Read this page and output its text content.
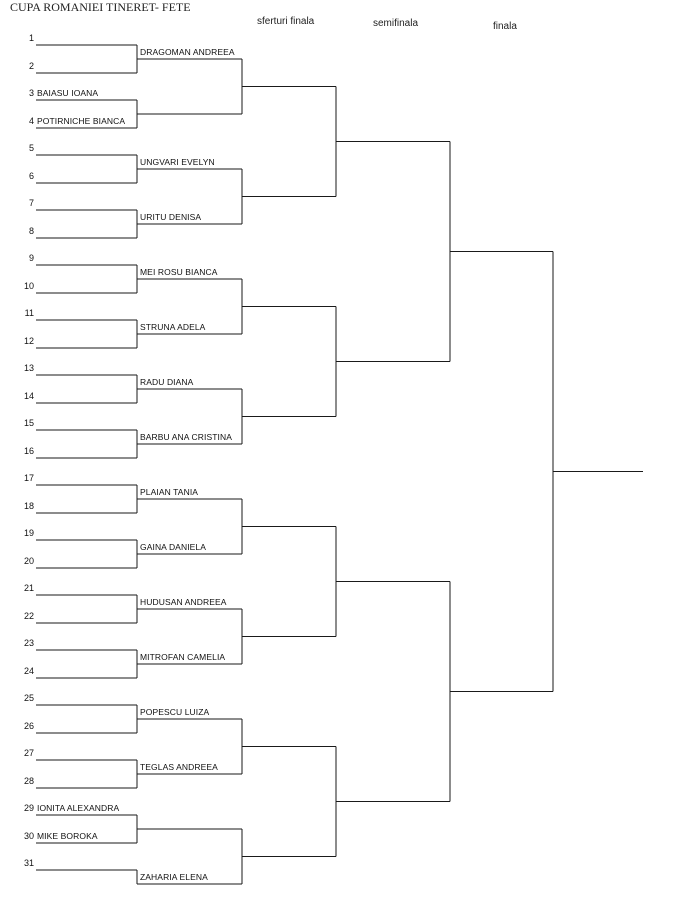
CUPA ROMANIEI TINERET- FETE
sferturi finala	semifinala	finala
1
2
3 BAIASU IOANA
4 POTIRNICHE BIANCA
5
6
7
8
9
10
11
12
13
14
15
16
17
18
19
20
21
22
23
24
25
26
27
28
29 IONITA ALEXANDRA
30 MIKE BOROKA
31
DRAGOMAN ANDREEA
UNGVARI EVELYN
URITU DENISA
MEI ROSU BIANCA
STRUNA ADELA
RADU DIANA
BARBU ANA CRISTINA
PLAIAN TANIA
GAINA DANIELA
HUDUSAN ANDREEA
MITROFAN CAMELIA
POPESCU LUIZA
TEGLAS ANDREEA
ZAHARIA ELENA
